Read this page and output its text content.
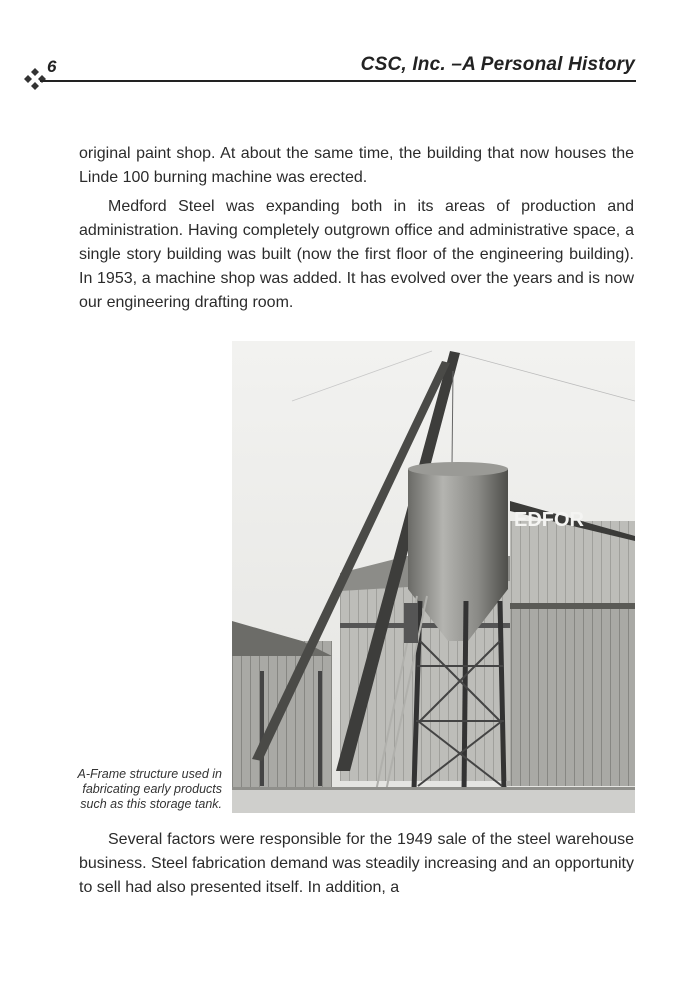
6	CSC, Inc. –A Personal History

original paint shop. At about the same time, the building that now houses the Linde 100 burning machine was erected.

Medford Steel was expanding both in its areas of production and administration. Having completely outgrown office and administrative space, a single story building was built (now the first floor of the engineering building). In 1953, a machine shop was added. It has evolved over the years and is now our engineering drafting room.

EDFOR
A-Frame structure used in
fabricating early products
such as this storage tank.

Several factors were responsible for the 1949 sale of the steel warehouse business. Steel fabrication demand was steadily increasing and an opportunity to sell had also presented itself. In addition, a
